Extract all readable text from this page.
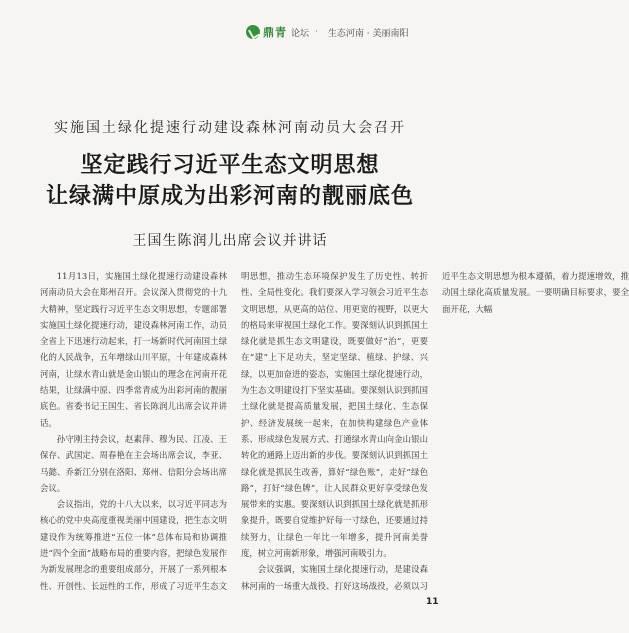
鼎青 论坛 · 生态河南 · 美丽南阳
实施国土绿化提速行动建设森林河南动员大会召开
坚定践行习近平生态文明思想
让绿满中原成为出彩河南的靓丽底色
王国生陈润儿出席会议并讲话

11月13日，实施国土绿化提速行动建设森林河南动员大会在郑州召开。会议深入贯彻党的十九大精神，坚定践行习近平生态文明思想，专题部署实施国土绿化提速行动，建设森林河南工作，动员全省上下迅速行动起来，打一场新时代河南国土绿化的人民战争，五年增绿山川平原，十年建成森林河南，让绿水青山就是金山银山的理念在河南开花结果，让绿满中原、四季常青成为出彩河南的靓丽底色。省委书记王国生、省长陈润儿出席会议并讲话。

孙守刚主持会议，赵素萍、穆为民、江凌、王保存、武国定、周春艳在主会场出席会议，李亚、马懿、乔新江分别在洛阳、郑州、信阳分会场出席会议。

会议指出，党的十八大以来，以习近平同志为核心的党中央高度重视美丽中国建设，把生态文明建设作为统筹推进“五位一体”总体布局和协调推进“四个全面”战略布局的重要内容，把绿色发展作为新发展理念的重要组成部分，开展了一系列根本性、开创性、长远性的工作，形成了习近平生态文明思想，推动生态环境保护发生了历史性、转折性、全局性变化。我们要深入学习领会习近平生态文明思想，从更高的站位、用更宽的视野，以更大的格局来审视国土绿化工作。要深刻认识到抓国土绿化就是抓生态文明建设，既要做好“治”，更要在“建”上下足功夫，坚定坚绿、植绿、护绿、兴绿，以更加奋进的姿态，实施国土绿化提速行动，为生态文明建设打下坚实基础。要深刻认识到抓国土绿化就是提高质量发展，把国土绿化、生态保护、经济发展统一起来，在加快构建绿色产业体系、形成绿色发展方式、打通绿水青山向金山银山转化的通路上迈出新的步伐。要深刻认识到抓国土绿化就是抓民生改善，算好“绿色账”，走好“绿色路”，打好“绿色牌”，让人民群众更好享受绿色发展带来的实惠。要深刻认识到抓国土绿化就是抓形象提升，既要自觉维护好每一寸绿色，还要通过持续努力，让绿色一年比一年增多，提升河南美誉度，树立河南新形象，增强河南吸引力。

会议强调，实施国土绿化提速行动，是建设森林河南的一场重大战役、打好这场战役，必须以习近平生态文明思想为根本遵循，着力提速增效，推动国土绿化高质量发展。一要明确目标要求，要全面开花，大幅

11
